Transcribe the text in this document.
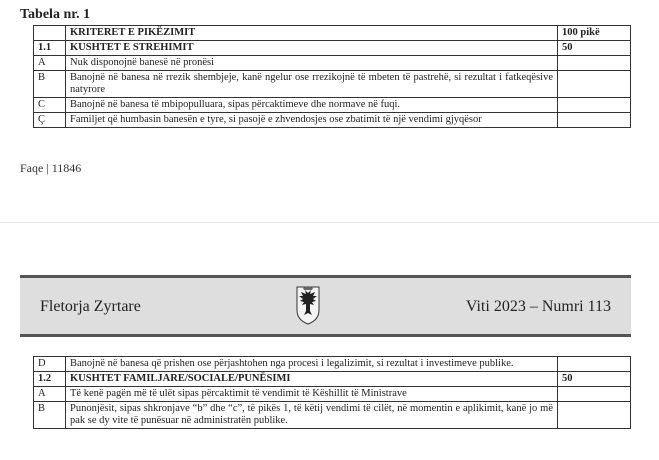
Tabela nr. 1
	KRITERET E PIKËZIMIT	100 pikë
1.1	KUSHTET E STREHIMIT	50
A	Nuk disponojnë banesë në pronësi	
B	Banojnë në banesa në rrezik shembjeje, kanë ngelur ose rrezikojnë të mbeten të pastrehë, si rezultat i fatkeqësive natyrore	
C	Banojnë në banesa të mbipopulluara, sipas përcaktimeve dhe normave në fuqi.	
Ç	Familjet që humbasin banesën e tyre, si pasojë e zhvendosjes ose zbatimit të një vendimi gjyqësor	
Faqe | 11846
Fletorja Zyrtare	Viti 2023 – Numri 113
D	Banojnë në banesa që prishen ose përjashtohen nga procesi i legalizimit, si rezultat i investimeve publike.	
1.2	KUSHTET FAMILJARE/SOCIALE/PUNËSIMI	50
A	Të kenë pagën më të ulët sipas përcaktimit të vendimit të Këshillit të Ministrave	
B	Punonjësit, sipas shkronjave “b” dhe “c”, të pikës 1, të këtij vendimi të cilët, në momentin e aplikimit, kanë jo më pak se dy vite të punësuar në administratën publike.	
